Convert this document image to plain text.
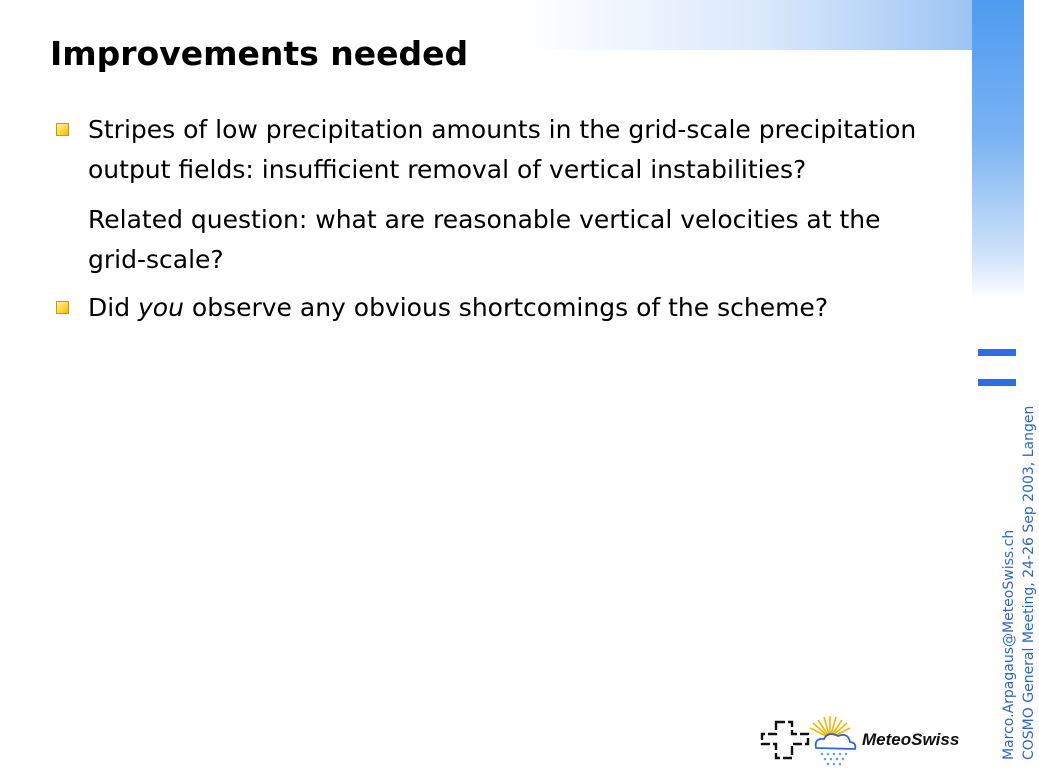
Improvements needed
Stripes of low precipitation amounts in the grid-scale precipitation output fields: insufficient removal of vertical instabilities?
Related question: what are reasonable vertical velocities at the grid-scale?
Did you observe any obvious shortcomings of the scheme?
Marco.Arpagaus@MeteoSwiss.ch COSMO General Meeting, 24-26 Sep 2003, Langen
MeteoSwiss
